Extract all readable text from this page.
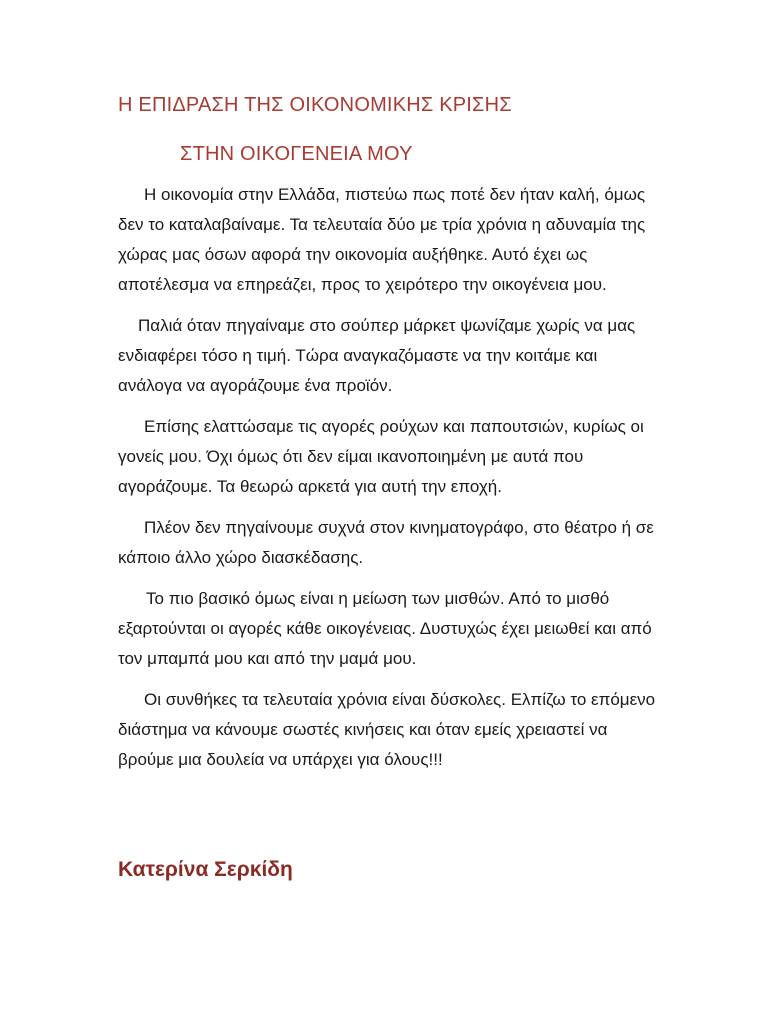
Η ΕΠΙΔΡΑΣΗ ΤΗΣ ΟΙΚΟΝΟΜΙΚΗΣ ΚΡΙΣΗΣ
ΣΤΗΝ ΟΙΚΟΓΕΝΕΙΑ ΜΟΥ

Η οικονομία στην Ελλάδα, πιστεύω πως ποτέ δεν ήταν καλή, όμως δεν το καταλαβαίναμε. Τα τελευταία δύο με τρία χρόνια η αδυναμία της χώρας μας όσων αφορά την οικονομία αυξήθηκε. Αυτό έχει ως αποτέλεσμα να επηρεάζει, προς το χειρότερο την οικογένεια μου.

Παλιά όταν πηγαίναμε στο σούπερ μάρκετ ψωνίζαμε χωρίς να μας ενδιαφέρει τόσο η τιμή. Τώρα αναγκαζόμαστε να την κοιτάμε και ανάλογα να αγοράζουμε ένα προϊόν.

Επίσης ελαττώσαμε τις αγορές ρούχων και παπουτσιών, κυρίως οι γονείς μου. Όχι όμως ότι δεν είμαι ικανοποιημένη με αυτά που αγοράζουμε. Τα θεωρώ αρκετά για αυτή την εποχή.

Πλέον δεν πηγαίνουμε συχνά στον κινηματογράφο, στο θέατρο ή σε κάποιο άλλο χώρο διασκέδασης.

Το πιο βασικό όμως είναι η μείωση των μισθών. Από το μισθό εξαρτούνται οι αγορές κάθε οικογένειας. Δυστυχώς έχει μειωθεί και από τον μπαμπά μου και από την μαμά μου.

Οι συνθήκες τα τελευταία χρόνια είναι δύσκολες. Ελπίζω το επόμενο διάστημα να κάνουμε σωστές κινήσεις και όταν εμείς χρειαστεί να βρούμε μια δουλεία να υπάρχει για όλους!!!

Κατερίνα Σερκίδη
